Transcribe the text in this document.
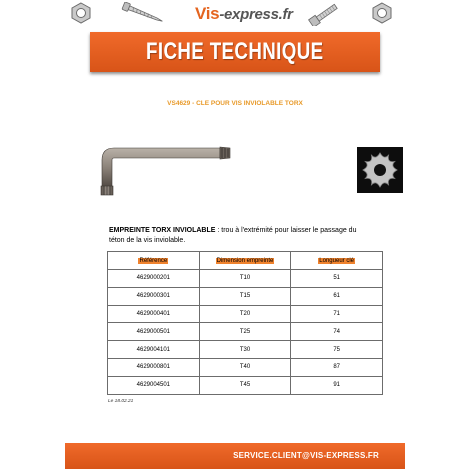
Vis-express.fr
FICHE TECHNIQUE
VS4629 - CLE POUR VIS INVIOLABLE TORX
EMPREINTE TORX INVIOLABLE : trou à l'extrémité pour laisser le passage du téton de la vis inviolable.
Référence	Dimension empreinte	Longueur clé
4629000201	T10	51
4629000301	T15	61
4629000401	T20	71
4629000501	T25	74
4629004101	T30	75
4629000801	T40	87
4629004501	T45	91
Le 18.02.21
SERVICE.CLIENT@VIS-EXPRESS.FR
